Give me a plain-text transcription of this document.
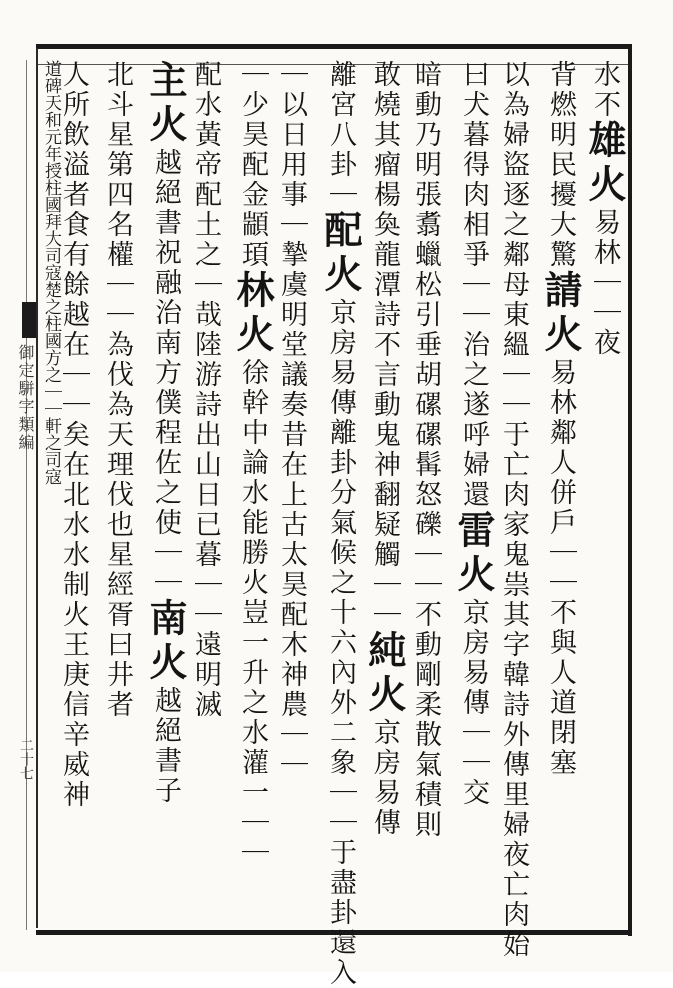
御定駢字類編
二十七
水不雄火易林｜｜夜
背燃明民擾大驚請火易林鄰人併戶｜｜不與人道閉塞
以為婦盜逐之鄰母東縕｜｜于亡肉家鬼祟其字韓詩外傳里婦夜亡肉始
曰犬暮得肉相爭｜｜治之遂呼婦還雷火京房易傳｜｜交
暗動乃明張翥蠟松引垂胡磥磥髯怒礫｜｜不動剛柔散氣積則
敢燒其瘤楊奐龍潭詩不言動鬼神翻疑觸｜｜純火京房易傳
離宮八卦｜配火京房易傳離卦分氣候之十六內外二象｜｜于盡卦還入
｜以日用事｜摯虞明堂議奏昔在上古太昊配木神農｜｜
｜少昊配金顓頊林火徐幹中論水能勝火豈一升之水灌一｜｜
配水黃帝配土之｜哉陸游詩出山日已暮｜｜遠明滅
主火越絕書祝融治南方僕程佐之使｜｜南火越絕書子
北斗星第四名權｜｜為伐為天理伐也星經胥曰井者
人所飲溢者食有餘越在｜｜矣在北水水制火王庚信辛威神
道碑天和元年授柱國拜大司寇楚之柱國方之｜｜軒之司寇
